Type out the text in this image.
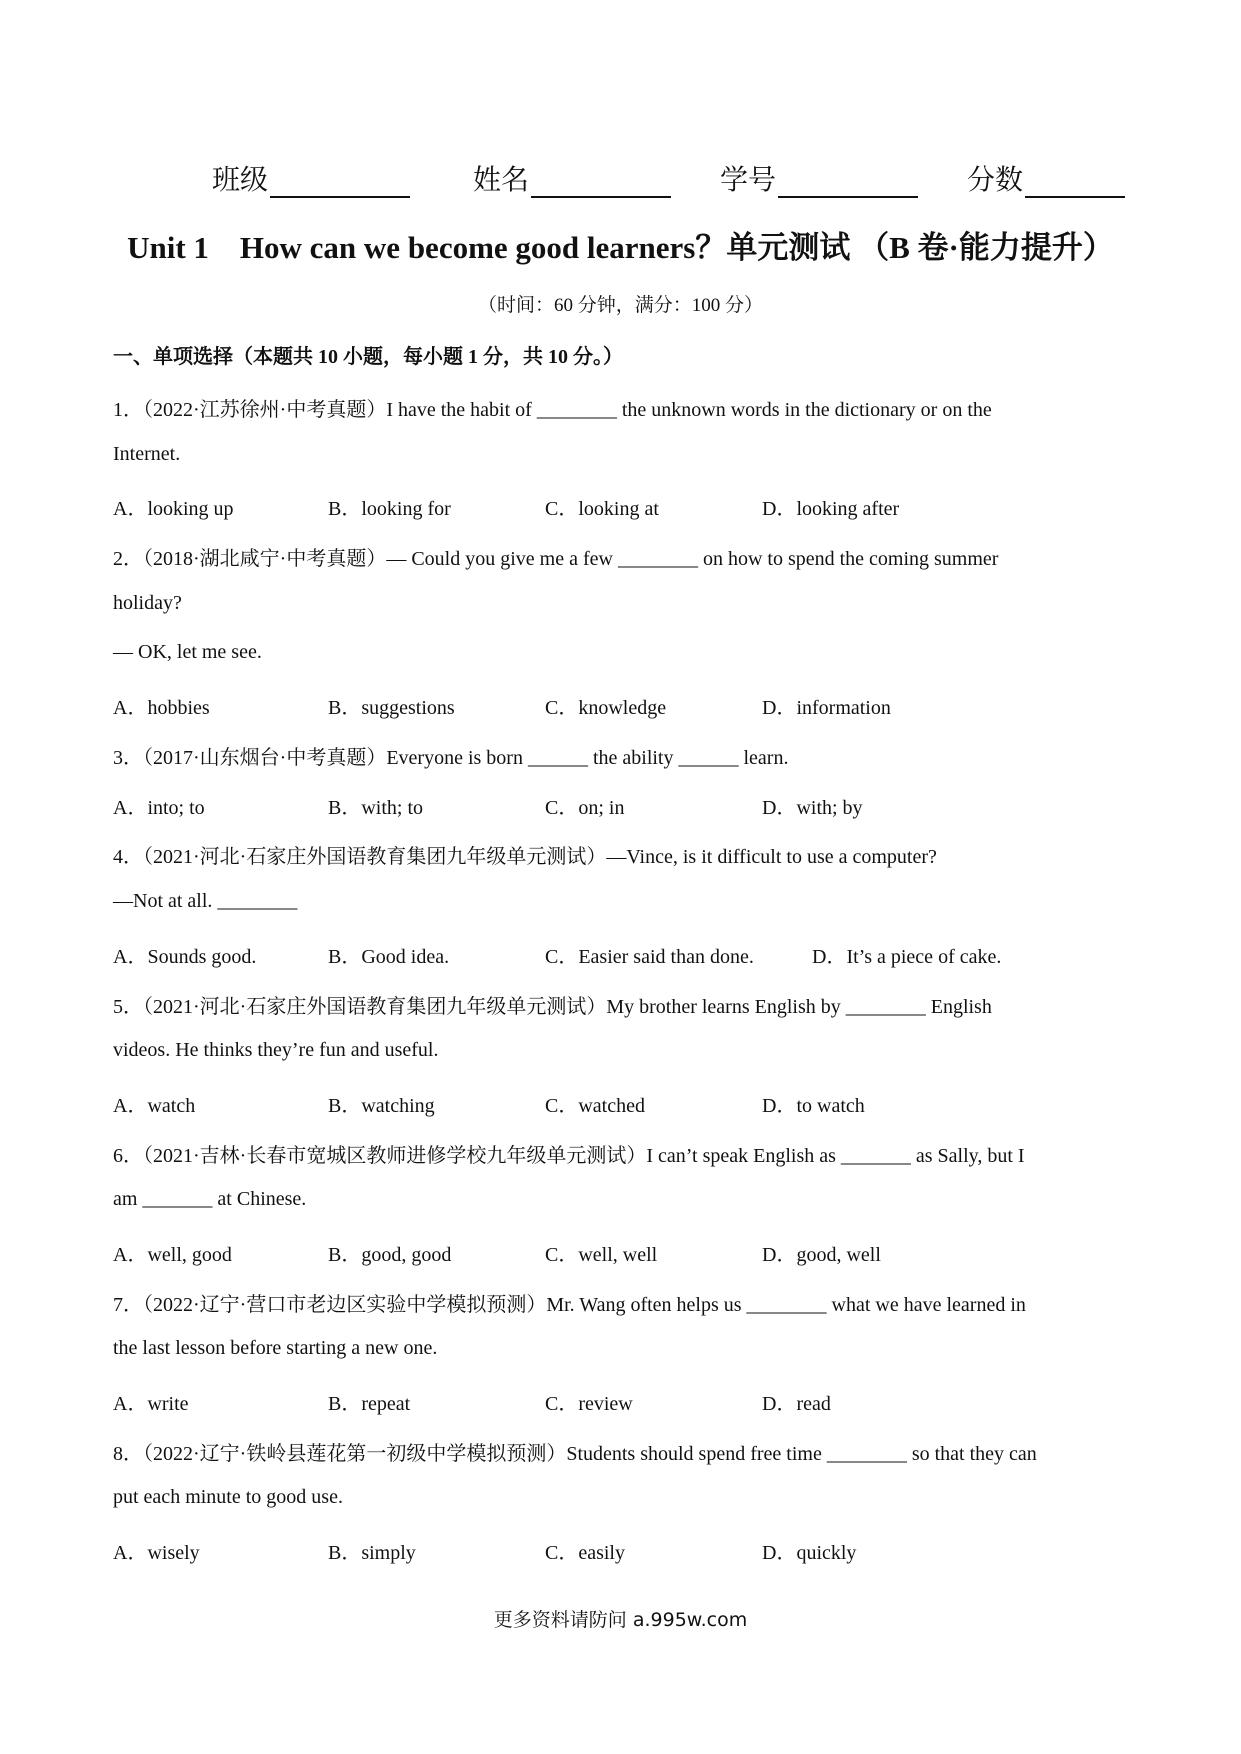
班级	姓名	学号	分数
Unit 1　How can we become good learners？单元测试 （B 卷·能力提升）
（时间：60 分钟，满分：100 分）
一、单项选择（本题共 10 小题，每小题 1 分，共 10 分。）
1．（2022·江苏徐州·中考真题）I have the habit of ________ the unknown words in the dictionary or on the
Internet.
A．looking up	B．looking for	C．looking at	D．looking after
2．（2018·湖北咸宁·中考真题）— Could you give me a few ________ on how to spend the coming summer
holiday?
— OK, let me see.
A．hobbies	B．suggestions	C．knowledge	D．information
3．（2017·山东烟台·中考真题）Everyone is born ______ the ability ______ learn.
A．into; to	B．with; to	C．on; in	D．with; by
4．（2021·河北·石家庄外国语教育集团九年级单元测试）—Vince, is it difficult to use a computer?
—Not at all. ________
A．Sounds good.	B．Good idea.	C．Easier said than done.	D．It’s a piece of cake.
5．（2021·河北·石家庄外国语教育集团九年级单元测试）My brother learns English by ________ English
videos. He thinks they’re fun and useful.
A．watch	B．watching	C．watched	D．to watch
6．（2021·吉林·长春市宽城区教师进修学校九年级单元测试）I can’t speak English as _______ as Sally, but I
am _______ at Chinese.
A．well, good	B．good, good	C．well, well	D．good, well
7．（2022·辽宁·营口市老边区实验中学模拟预测）Mr. Wang often helps us ________ what we have learned in
the last lesson before starting a new one.
A．write	B．repeat	C．review	D．read
8．（2022·辽宁·铁岭县莲花第一初级中学模拟预测）Students should spend free time ________ so that they can
put each minute to good use.
A．wisely	B．simply	C．easily	D．quickly
更多资料请防问 a.995w.com
